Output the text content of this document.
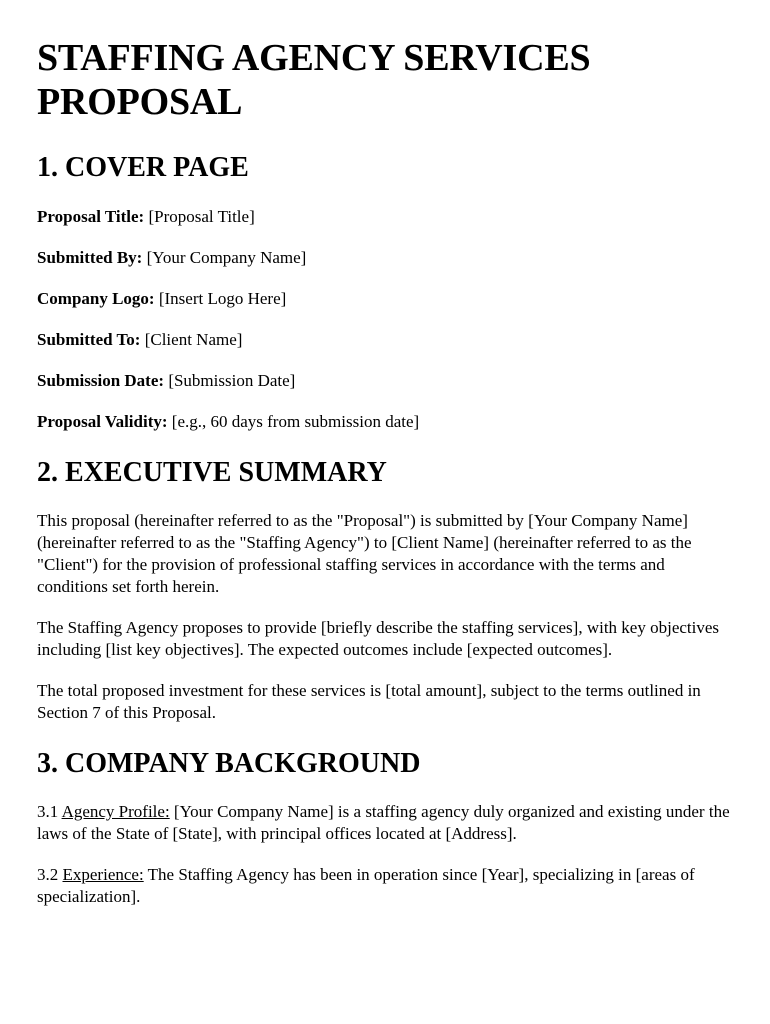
STAFFING AGENCY SERVICES PROPOSAL
1. COVER PAGE

Proposal Title: [Proposal Title]

Submitted By: [Your Company Name]

Company Logo: [Insert Logo Here]

Submitted To: [Client Name]

Submission Date: [Submission Date]

Proposal Validity: [e.g., 60 days from submission date]

2. EXECUTIVE SUMMARY

This proposal (hereinafter referred to as the "Proposal") is submitted by [Your Company Name] (hereinafter referred to as the "Staffing Agency") to [Client Name] (hereinafter referred to as the "Client") for the provision of professional staffing services in accordance with the terms and conditions set forth herein.

The Staffing Agency proposes to provide [briefly describe the staffing services], with key objectives including [list key objectives]. The expected outcomes include [expected outcomes].

The total proposed investment for these services is [total amount], subject to the terms outlined in Section 7 of this Proposal.

3. COMPANY BACKGROUND

3.1 Agency Profile: [Your Company Name] is a staffing agency duly organized and existing under the laws of the State of [State], with principal offices located at [Address].

3.2 Experience: The Staffing Agency has been in operation since [Year], specializing in [areas of specialization].
